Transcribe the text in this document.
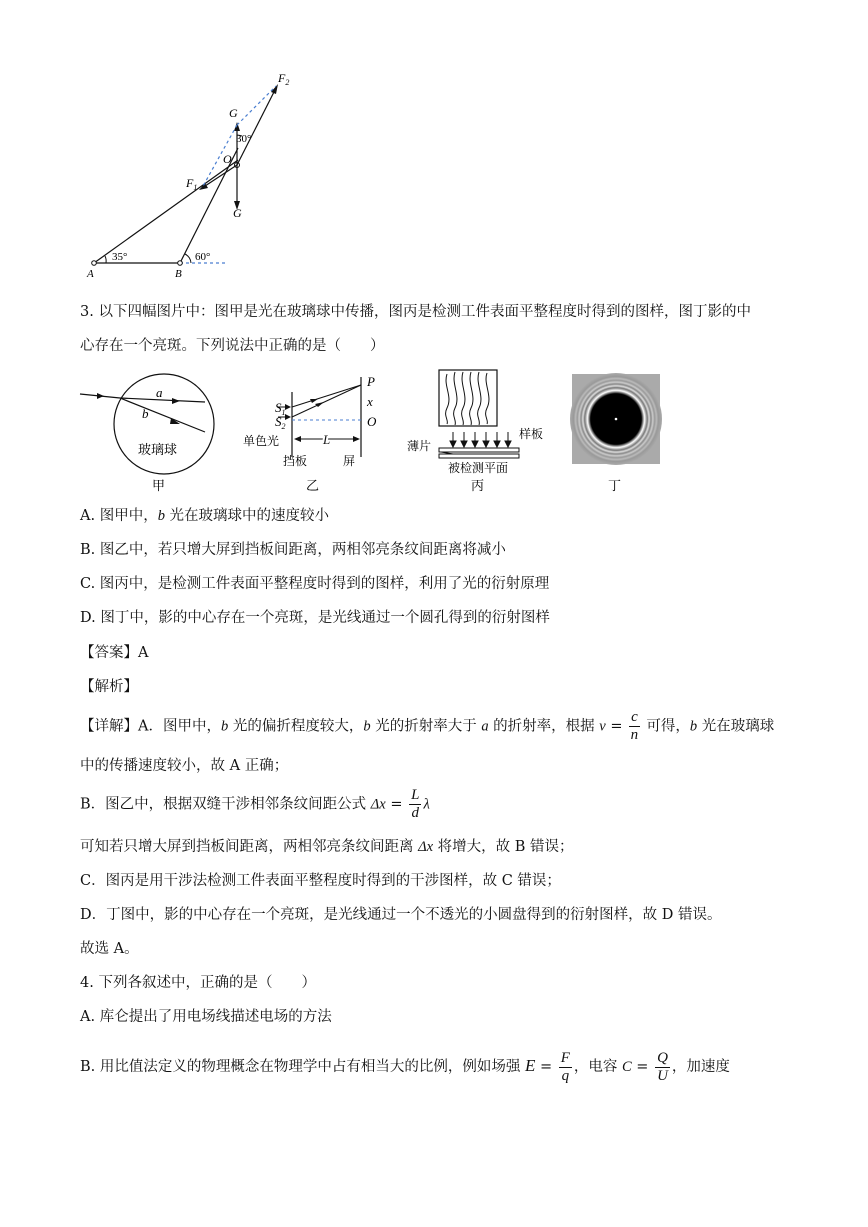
$F_2$
G
30°
O
$F_1$
G
35°	60°
A	B
3. 以下四幅图片中：图甲是光在玻璃球中传播，图丙是检测工件表面平整程度时得到的图样，图丁影的中
心存在一个亮斑。下列说法中正确的是（　　）
a
b
玻璃球
甲
$S_1$
$S_2$
P
x
O
L
单色光
挡板	屏
乙
薄片
样板
被检测平面
丙	丁
A. 图甲中，b 光在玻璃球中的速度较小
B. 图乙中，若只增大屏到挡板间距离，两相邻亮条纹间距离将减小
C. 图丙中，是检测工件表面平整程度时得到的图样，利用了光的衍射原理
D. 图丁中，影的中心存在一个亮斑，是光线通过一个圆孔得到的衍射图样
【答案】A
【解析】
【详解】A．图甲中，b 光的偏折程度较大，b 光的折射率大于 a 的折射率，根据 $v = \frac{c}{n}$ 可得，b 光在玻璃球
中的传播速度较小，故 A 正确；
B．图乙中，根据双缝干涉相邻条纹间距公式 $\Delta x = \frac{L}{d}$ λ
可知若只增大屏到挡板间距离，两相邻亮条纹间距离 Δx 将增大，故 B 错误；
C．图丙是用干涉法检测工件表面平整程度时得到的干涉图样，故 C 错误；
D．丁图中，影的中心存在一个亮斑，是光线通过一个不透光的小圆盘得到的衍射图样，故 D 错误。
故选 A。
4. 下列各叙述中，正确的是（　　）
A. 库仑提出了用电场线描述电场的方法
B. 用比值法定义的物理概念在物理学中占有相当大的比例，例如场强 $E = \frac{F}{q}$ ，电容 $C = \frac{Q}{U}$ ，加速度
